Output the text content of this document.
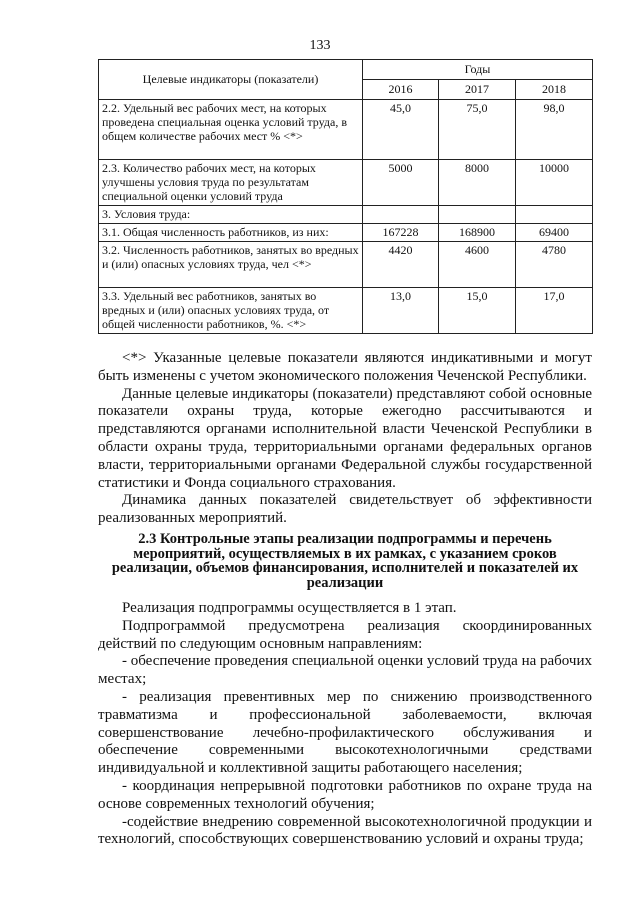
133
Целевые индикаторы (показатели)	Годы		
	2016	2017	2018
2.2. Удельный вес рабочих мест, на которых проведена специальная оценка условий труда, в общем количестве рабочих мест % <*>	45,0	75,0	98,0
2.3. Количество рабочих мест, на которых улучшены условия труда по результатам специальной оценки условий труда	5000	8000	10000
3. Условия труда:			
3.1. Общая численность работников, из них:	167228	168900	69400
3.2. Численность работников, занятых во вредных и (или) опасных условиях труда, чел <*>	4420	4600	4780
3.3. Удельный вес работников, занятых во вредных и (или) опасных условиях труда, от общей численности работников, %. <*>	13,0	15,0	17,0

<*> Указанные целевые показатели являются индикативными и могут быть изменены с учетом экономического положения Чеченской Республики.

Данные целевые индикаторы (показатели) представляют собой основные показатели охраны труда, которые ежегодно рассчитываются и представляются органами исполнительной власти Чеченской Республики в области охраны труда, территориальными органами федеральных органов власти, территориальными органами Федеральной службы государственной статистики и Фонда социального страхования.

Динамика данных показателей свидетельствует об эффективности реализованных мероприятий.

2.3 Контрольные этапы реализации подпрограммы и перечень мероприятий, осуществляемых в их рамках, с указанием сроков реализации, объемов финансирования, исполнителей и показателей их реализации

Реализация подпрограммы осуществляется в 1 этап.

Подпрограммой предусмотрена реализация скоординированных действий по следующим основным направлениям:

- обеспечение проведения специальной оценки условий труда на рабочих местах;

- реализация превентивных мер по снижению производственного травматизма и профессиональной заболеваемости, включая совершенствование лечебно-профилактического обслуживания и обеспечение современными высокотехнологичными средствами индивидуальной и коллективной защиты работающего населения;

- координация непрерывной подготовки работников по охране труда на основе современных технологий обучения;

-содействие внедрению современной высокотехнологичной продукции и технологий, способствующих совершенствованию условий и охраны труда;
